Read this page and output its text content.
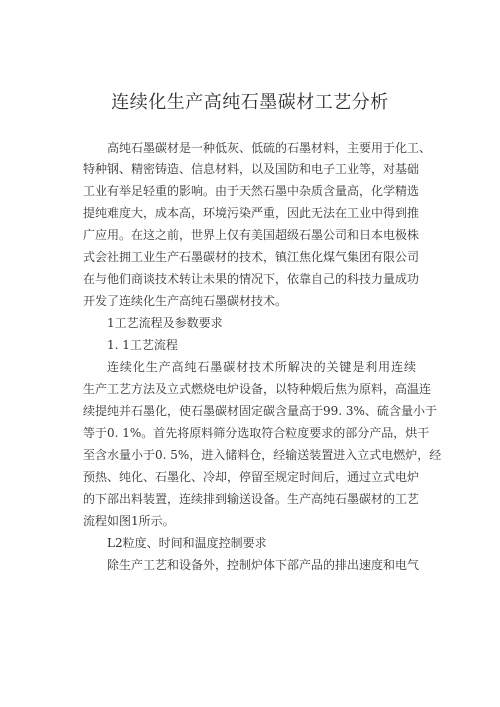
连续化生产高纯石墨碳材工艺分析
高纯石墨碳材是一种低灰、低硫的石墨材料，主要用于化工、
特种钢、精密铸造、信息材料，以及国防和电子工业等，对基础
工业有举足轻重的影响。由于天然石墨中杂质含量高，化学精选
提纯难度大，成本高，环境污染严重，因此无法在工业中得到推
广应用。在这之前，世界上仅有美国超级石墨公司和日本电极株
式会社拥工业生产石墨碳材的技术，镇江焦化煤气集团有限公司
在与他们商谈技术转让未果的情况下，依靠自己的科技力量成功
开发了连续化生产高纯石墨碳材技术。
1工艺流程及参数要求
1. 1工艺流程
连续化生产高纯石墨碳材技术所解决的关键是利用连续
生产工艺方法及立式燃烧电炉设备，以特种煅后焦为原料，高温连
续提纯并石墨化，使石墨碳材固定碳含量高于99. 3%、硫含量小于
等于0. 1%。首先将原料筛分选取符合粒度要求的部分产品，烘干
至含水量小于0. 5%，进入储料仓，经输送装置进入立式电燃炉，经
预热、纯化、石墨化、冷却，停留至规定时间后，通过立式电炉
的下部出料装置，连续排到输送设备。生产高纯石墨碳材的工艺
流程如图1所示。
L2粒度、时间和温度控制要求
除生产工艺和设备外，控制炉体下部产品的排出速度和电气
